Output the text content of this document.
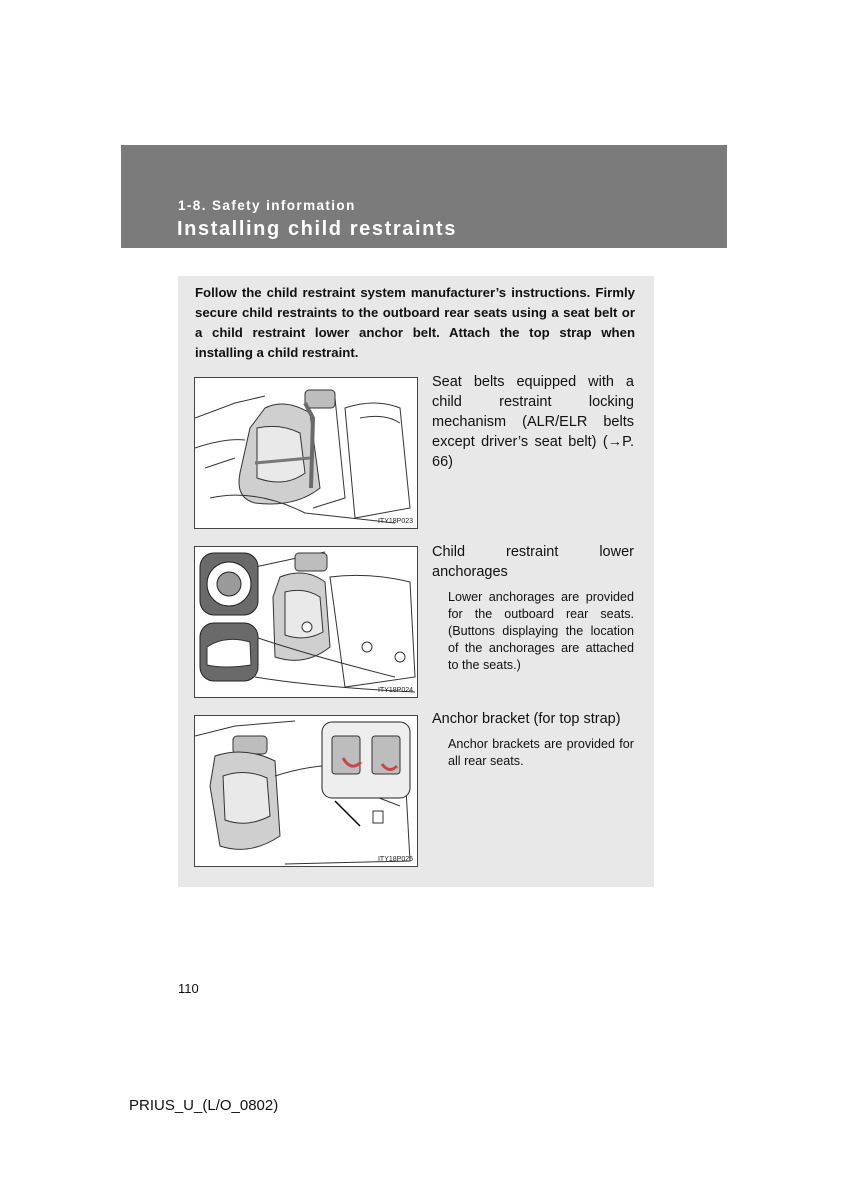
1-8. Safety information
Installing child restraints
Follow the child restraint system manufacturer’s instructions. Firmly secure child restraints to the outboard rear seats using a seat belt or a child restraint lower anchor belt. Attach the top strap when installing a child restraint.
ITY18P023
Seat belts equipped with a child restraint locking mechanism (ALR/ELR belts except driver’s seat belt) (→P. 66)
ITY18P024
Child restraint lower anchorages
Lower anchorages are provided for the outboard rear seats. (Buttons displaying the location of the anchorages are attached to the seats.)
ITY18P025
Anchor bracket (for top strap)
Anchor brackets are provided for all rear seats.
110
PRIUS_U_(L/O_0802)
